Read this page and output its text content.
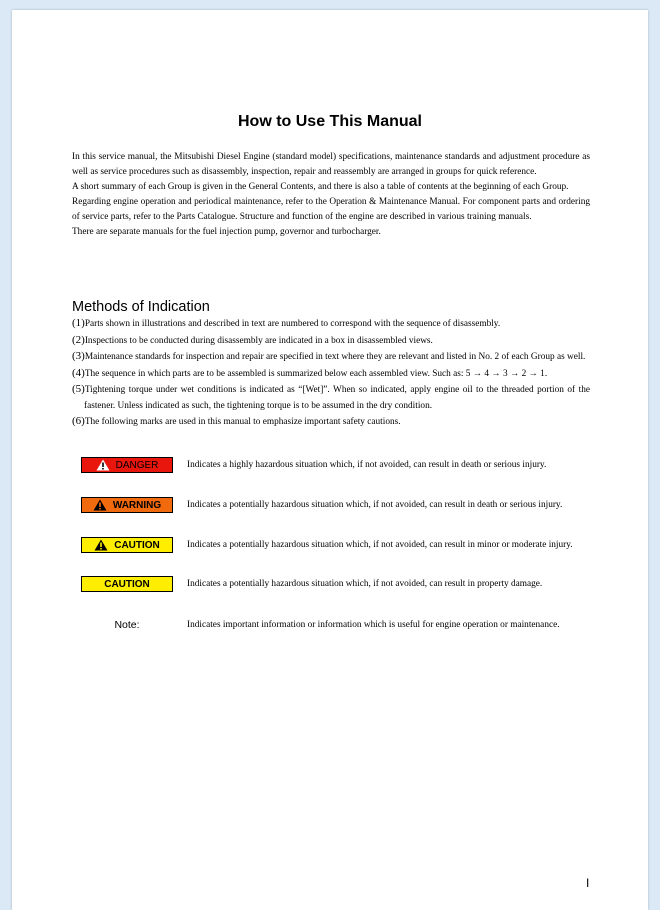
How to Use This Manual

In this service manual, the Mitsubishi Diesel Engine (standard model) specifications, maintenance standards and adjustment procedure as well as service procedures such as disassembly, inspection, repair and reassembly are arranged in groups for quick reference.

A short summary of each Group is given in the General Contents, and there is also a table of contents at the beginning of each Group.

Regarding engine operation and periodical maintenance, refer to the Operation & Maintenance Manual. For component parts and ordering of service parts, refer to the Parts Catalogue. Structure and function of the engine are described in various training manuals.

There are separate manuals for the fuel injection pump, governor and turbocharger.

Methods of Indication

(1)Parts shown in illustrations and described in text are numbered to correspond with the sequence of disassembly.

(2)Inspections to be conducted during disassembly are indicated in a box in disassembled views.

(3)Maintenance standards for inspection and repair are specified in text where they are relevant and listed in No. 2 of each Group as well.

(4)The sequence in which parts are to be assembled is summarized below each assembled view. Such as: 5 → 4 → 3 → 2 → 1.

(5)Tightening torque under wet conditions is indicated as “[Wet]”. When so indicated, apply engine oil to the threaded portion of the fastener. Unless indicated as such, the tightening torque is to be assumed in the dry condition.

(6)The following marks are used in this manual to emphasize important safety cautions.

DANGER	Indicates a highly hazardous situation which, if not avoided, can result in death or serious injury.
WARNING	Indicates a potentially hazardous situation which, if not avoided, can result in death or serious injury.
CAUTION	Indicates a potentially hazardous situation which, if not avoided, can result in minor or moderate injury.
CAUTION	Indicates a potentially hazardous situation which, if not avoided, can result in property damage.
Note:	Indicates important information or information which is useful for engine operation or maintenance.
I
